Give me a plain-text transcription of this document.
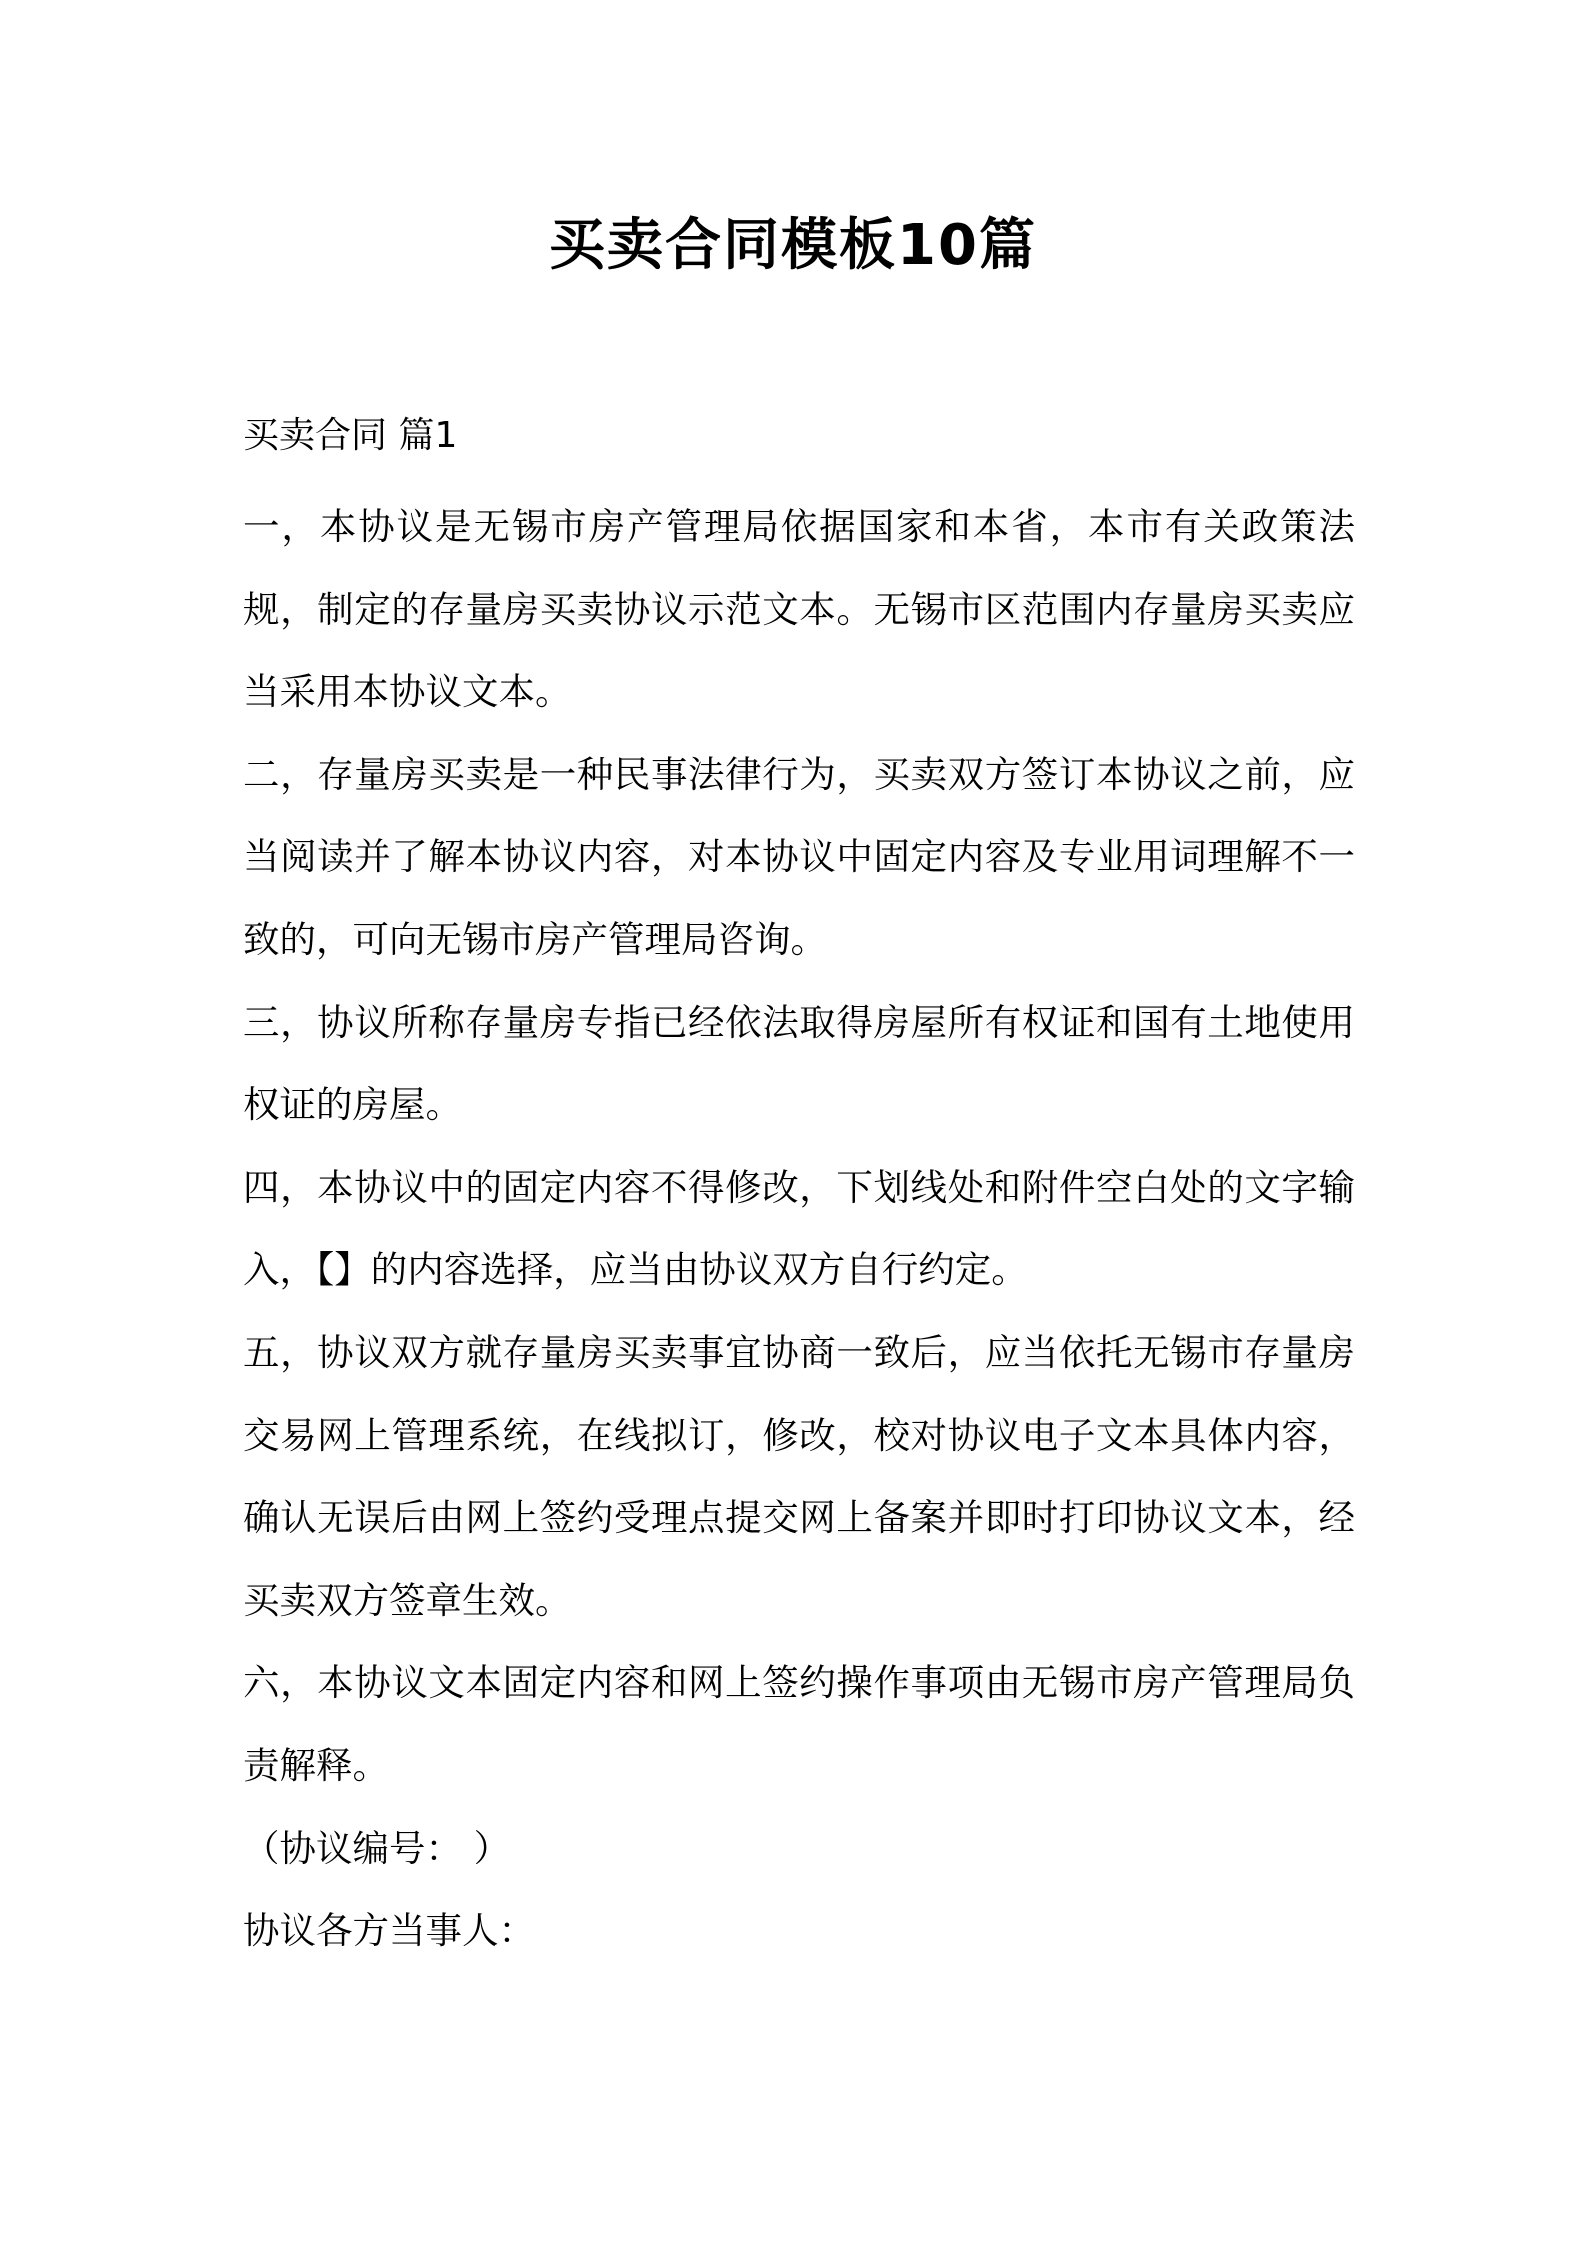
买卖合同模板10篇

买卖合同 篇1

一，本协议是无锡市房产管理局依据国家和本省，本市有关政策法规，制定的存量房买卖协议示范文本。无锡市区范围内存量房买卖应当采用本协议文本。

二，存量房买卖是一种民事法律行为，买卖双方签订本协议之前，应当阅读并了解本协议内容，对本协议中固定内容及专业用词理解不一致的，可向无锡市房产管理局咨询。

三，协议所称存量房专指已经依法取得房屋所有权证和国有土地使用权证的房屋。

四，本协议中的固定内容不得修改，下划线处和附件空白处的文字输入，【】的内容选择，应当由协议双方自行约定。

五，协议双方就存量房买卖事宜协商一致后，应当依托无锡市存量房交易网上管理系统，在线拟订，修改，校对协议电子文本具体内容，确认无误后由网上签约受理点提交网上备案并即时打印协议文本，经买卖双方签章生效。

六，本协议文本固定内容和网上签约操作事项由无锡市房产管理局负责解释。

（协议编号： ）

协议各方当事人：
